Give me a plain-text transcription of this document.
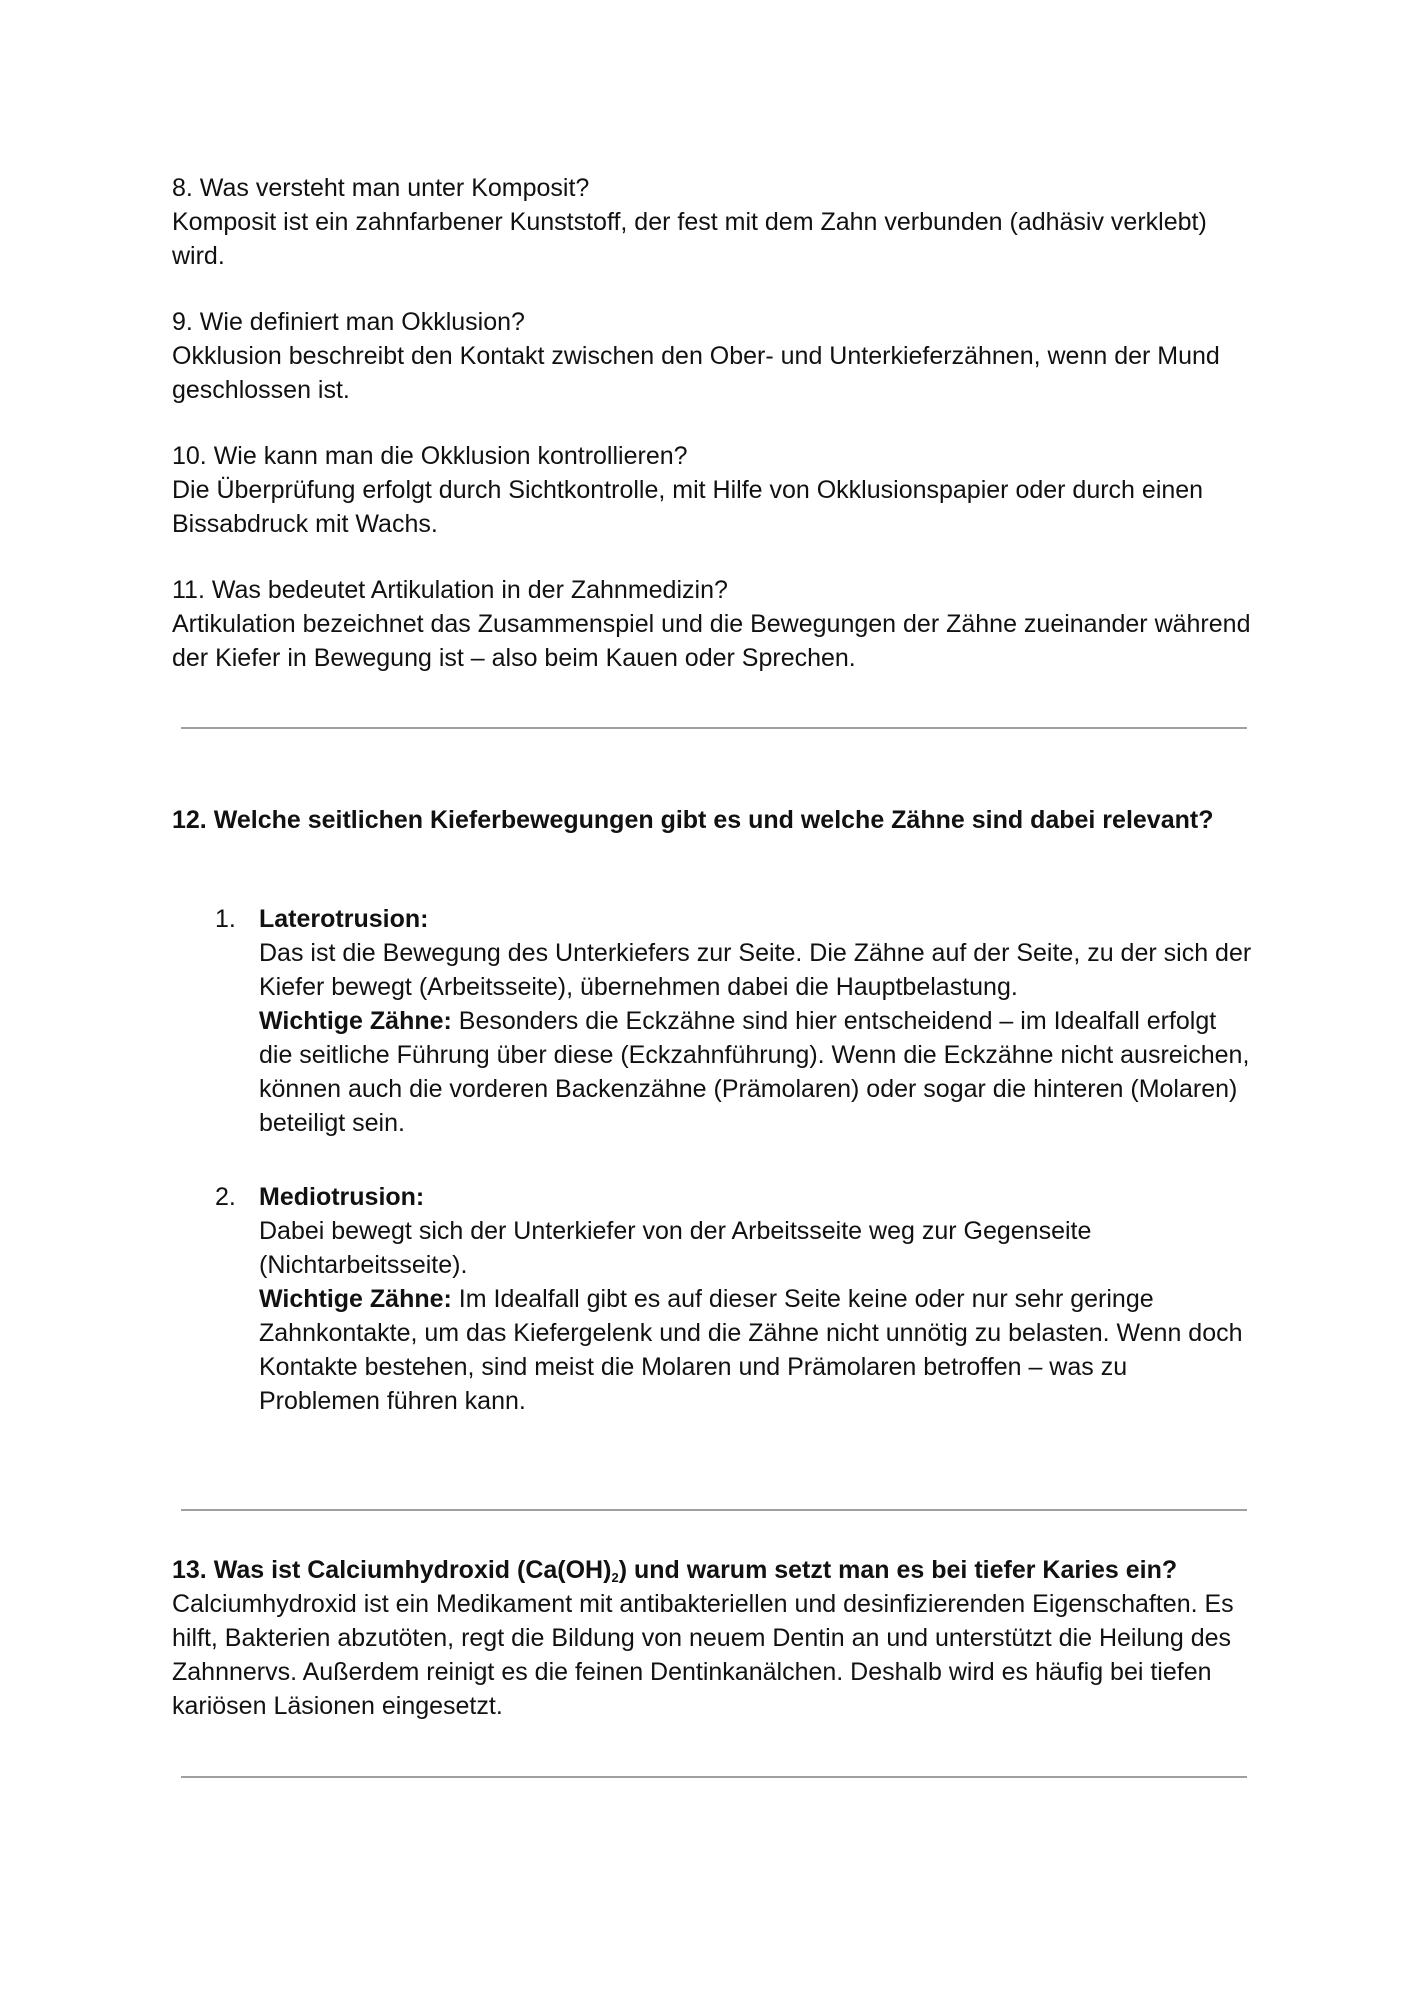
8. Was versteht man unter Komposit?

Komposit ist ein zahnfarbener Kunststoff, der fest mit dem Zahn verbunden (adhäsiv verklebt) wird.

9. Wie definiert man Okklusion?

Okklusion beschreibt den Kontakt zwischen den Ober- und Unterkieferzähnen, wenn der Mund geschlossen ist.

10. Wie kann man die Okklusion kontrollieren?

Die Überprüfung erfolgt durch Sichtkontrolle, mit Hilfe von Okklusionspapier oder durch einen Bissabdruck mit Wachs.

11. Was bedeutet Artikulation in der Zahnmedizin?

Artikulation bezeichnet das Zusammenspiel und die Bewegungen der Zähne zueinander während der Kiefer in Bewegung ist – also beim Kauen oder Sprechen.

12. Welche seitlichen Kieferbewegungen gibt es und welche Zähne sind dabei relevant?

1. Laterotrusion:

Das ist die Bewegung des Unterkiefers zur Seite. Die Zähne auf der Seite, zu der sich der Kiefer bewegt (Arbeitsseite), übernehmen dabei die Hauptbelastung.

Wichtige Zähne: Besonders die Eckzähne sind hier entscheidend – im Idealfall erfolgt die seitliche Führung über diese (Eckzahnführung). Wenn die Eckzähne nicht ausreichen, können auch die vorderen Backenzähne (Prämolaren) oder sogar die hinteren (Molaren) beteiligt sein.

2. Mediotrusion:

Dabei bewegt sich der Unterkiefer von der Arbeitsseite weg zur Gegenseite (Nichtarbeitsseite).

Wichtige Zähne: Im Idealfall gibt es auf dieser Seite keine oder nur sehr geringe Zahnkontakte, um das Kiefergelenk und die Zähne nicht unnötig zu belasten. Wenn doch Kontakte bestehen, sind meist die Molaren und Prämolaren betroffen – was zu Problemen führen kann.

13. Was ist Calciumhydroxid $(Ca(OH)_2)$ und warum setzt man es bei tiefer Karies ein?

Calciumhydroxid ist ein Medikament mit antibakteriellen und desinfizierenden Eigenschaften. Es hilft, Bakterien abzutöten, regt die Bildung von neuem Dentin an und unterstützt die Heilung des Zahnnervs. Außerdem reinigt es die feinen Dentinkanälchen. Deshalb wird es häufig bei tiefen kariösen Läsionen eingesetzt.
